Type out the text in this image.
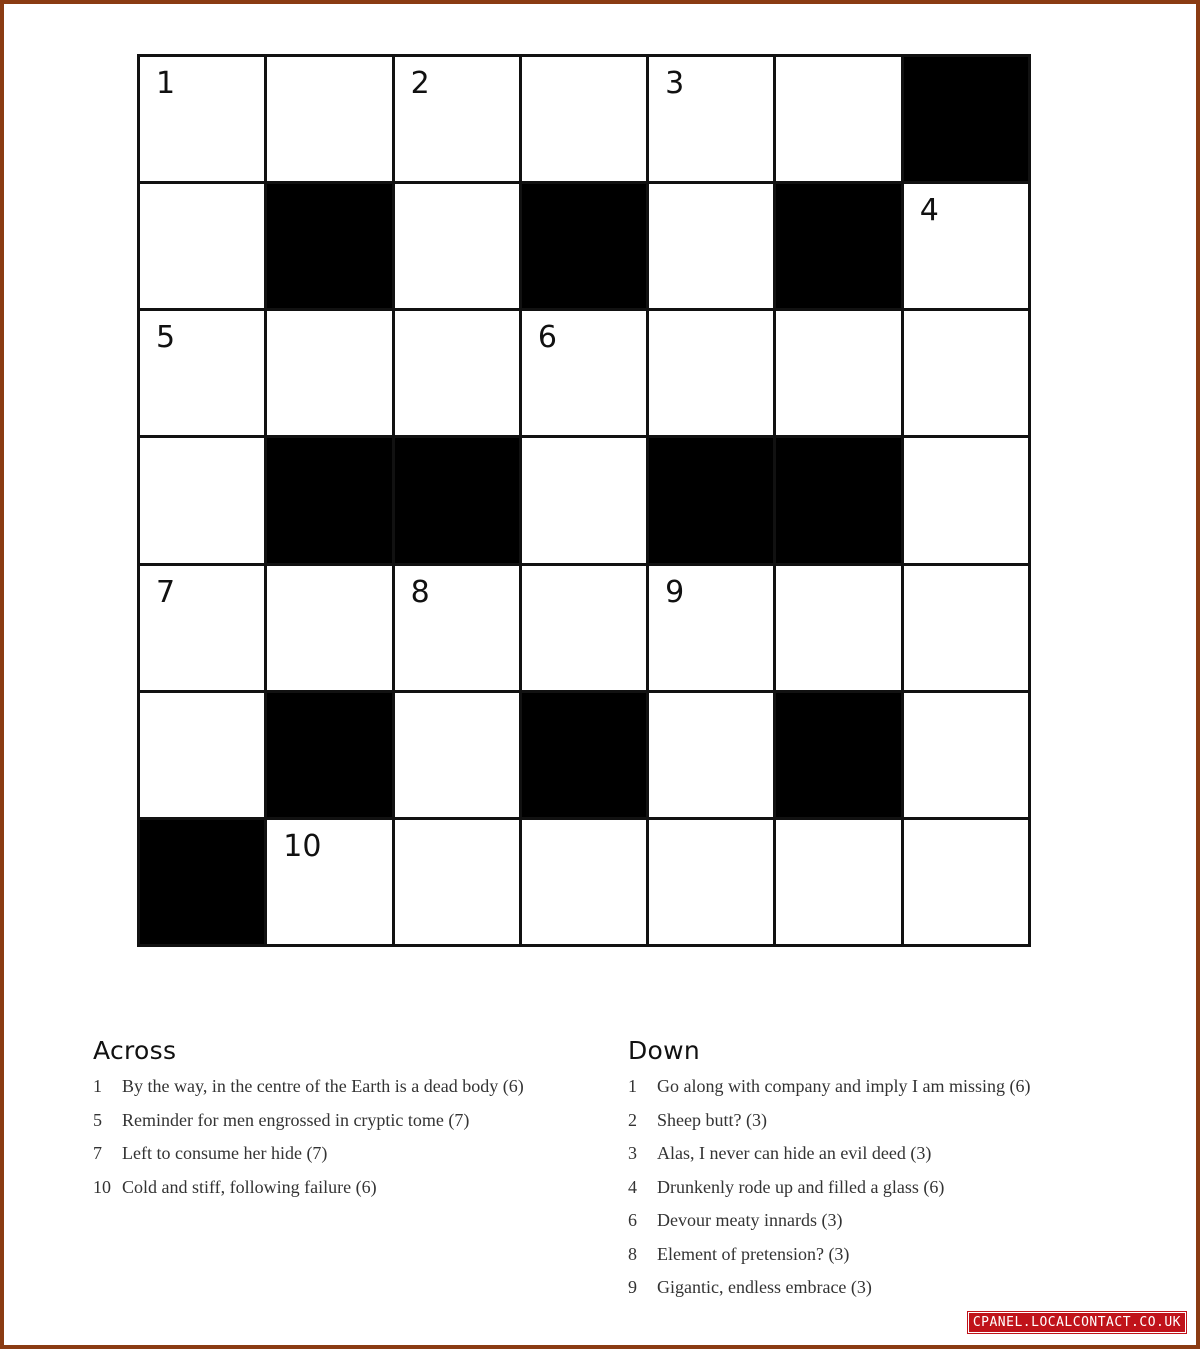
1	2	3
4
5	6
7	8	9
10
Across
1	By the way, in the centre of the Earth is a dead body (6)
5	Reminder for men engrossed in cryptic tome (7)
7	Left to consume her hide (7)
10 Cold and stiff, following failure (6)
Down
1	Go along with company and imply I am missing (6)
2	Sheep butt? (3)
3	Alas, I never can hide an evil deed (3)
4	Drunkenly rode up and filled a glass (6)
6	Devour meaty innards (3)
8	Element of pretension? (3)
9	Gigantic, endless embrace (3)
CPANEL.LOCALCONTACT.CO.UK
